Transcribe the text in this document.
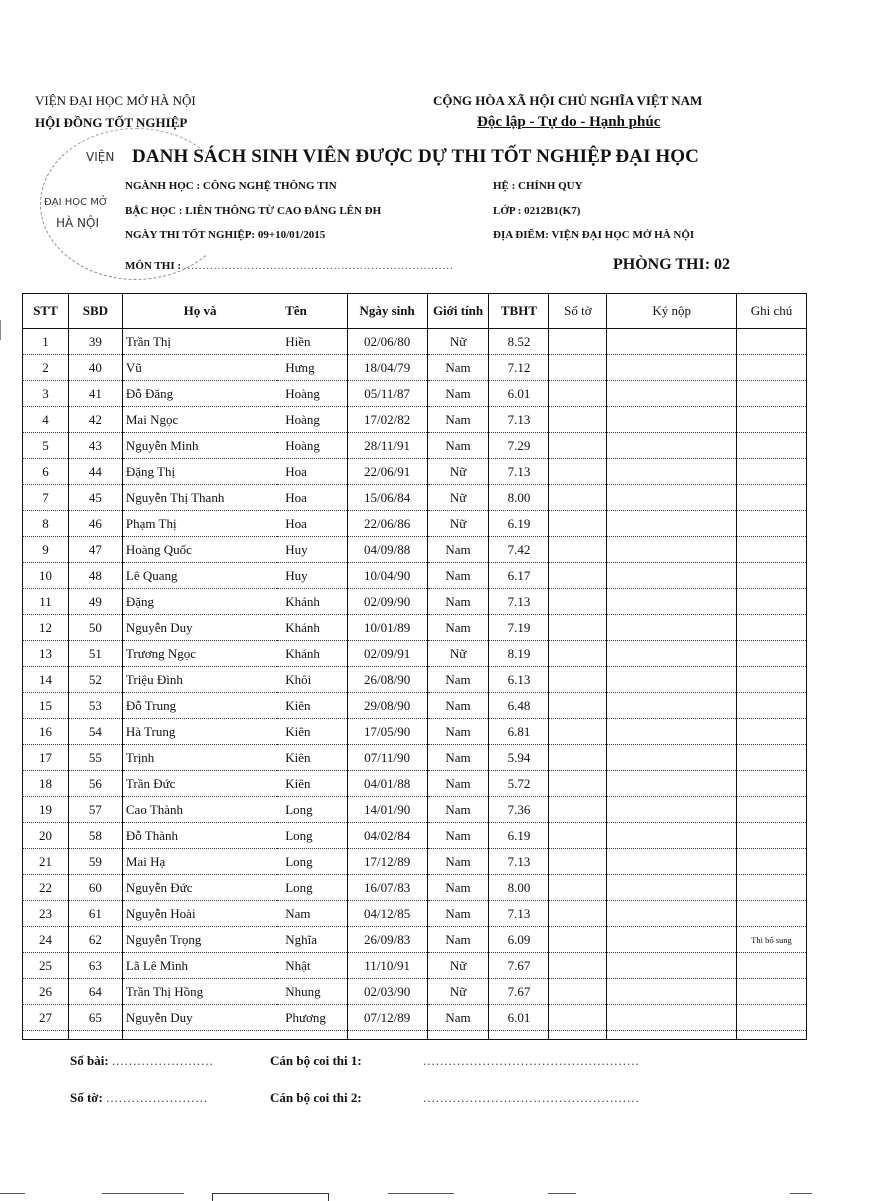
VIỆN ĐẠI HỌC MỞ HÀ NỘI
HỘI ĐỒNG TỐT NGHIỆP
CỘNG HÒA XÃ HỘI CHỦ NGHĨA VIỆT NAM
Độc lập - Tự do - Hạnh phúc
VIỆN
ĐẠI HỌC MỞ
HÀ NỘI
DANH SÁCH SINH VIÊN ĐƯỢC DỰ THI TỐT NGHIỆP ĐẠI HỌC
NGÀNH HỌC : CÔNG NGHỆ THÔNG TIN
BẬC HỌC : LIÊN THÔNG TỪ CAO ĐẲNG LÊN ĐH
NGÀY THI TỐT NGHIỆP: 09+10/01/2015
MÔN THI : ........................................................................
HỆ : CHÍNH QUY
LỚP : 0212B1(K7)
ĐỊA ĐIỂM: VIỆN ĐẠI HỌC MỞ HÀ NỘI
PHÒNG THI: 02
STT	SBD	Họ và	Tên	Ngày sinh	Giới tính	TBHT	Số tờ	Ký nộp	Ghi chú
1	39	Trần Thị	Hiền	02/06/80	Nữ	8.52			
2	40	Vũ	Hưng	18/04/79	Nam	7.12			
3	41	Đỗ Đăng	Hoàng	05/11/87	Nam	6.01			
4	42	Mai Ngọc	Hoàng	17/02/82	Nam	7.13			
5	43	Nguyễn Minh	Hoàng	28/11/91	Nam	7.29			
6	44	Đặng Thị	Hoa	22/06/91	Nữ	7.13			
7	45	Nguyễn Thị Thanh	Hoa	15/06/84	Nữ	8.00			
8	46	Phạm Thị	Hoa	22/06/86	Nữ	6.19			
9	47	Hoàng Quốc	Huy	04/09/88	Nam	7.42			
10	48	Lê Quang	Huy	10/04/90	Nam	6.17			
11	49	Đặng	Khánh	02/09/90	Nam	7.13			
12	50	Nguyễn Duy	Khánh	10/01/89	Nam	7.19			
13	51	Trương Ngọc	Khánh	02/09/91	Nữ	8.19			
14	52	Triệu Đình	Khôi	26/08/90	Nam	6.13			
15	53	Đỗ Trung	Kiên	29/08/90	Nam	6.48			
16	54	Hà Trung	Kiên	17/05/90	Nam	6.81			
17	55	Trịnh	Kiên	07/11/90	Nam	5.94			
18	56	Trần Đức	Kiên	04/01/88	Nam	5.72			
19	57	Cao Thành	Long	14/01/90	Nam	7.36			
20	58	Đỗ Thành	Long	04/02/84	Nam	6.19			
21	59	Mai Hạ	Long	17/12/89	Nam	7.13			
22	60	Nguyễn Đức	Long	16/07/83	Nam	8.00			
23	61	Nguyễn Hoài	Nam	04/12/85	Nam	7.13			
24	62	Nguyễn Trọng	Nghĩa	26/09/83	Nam	6.09			Thi bổ sung
25	63	Lã Lê Minh	Nhật	11/10/91	Nữ	7.67			
26	64	Trần Thị Hồng	Nhung	02/03/90	Nữ	7.67			
27	65	Nguyễn Duy	Phương	07/12/89	Nam	6.01			

Số bài: ........................
Số tờ: ........................
Cán bộ coi thi 1:
Cán bộ coi thi 2:
...................................................
...................................................
